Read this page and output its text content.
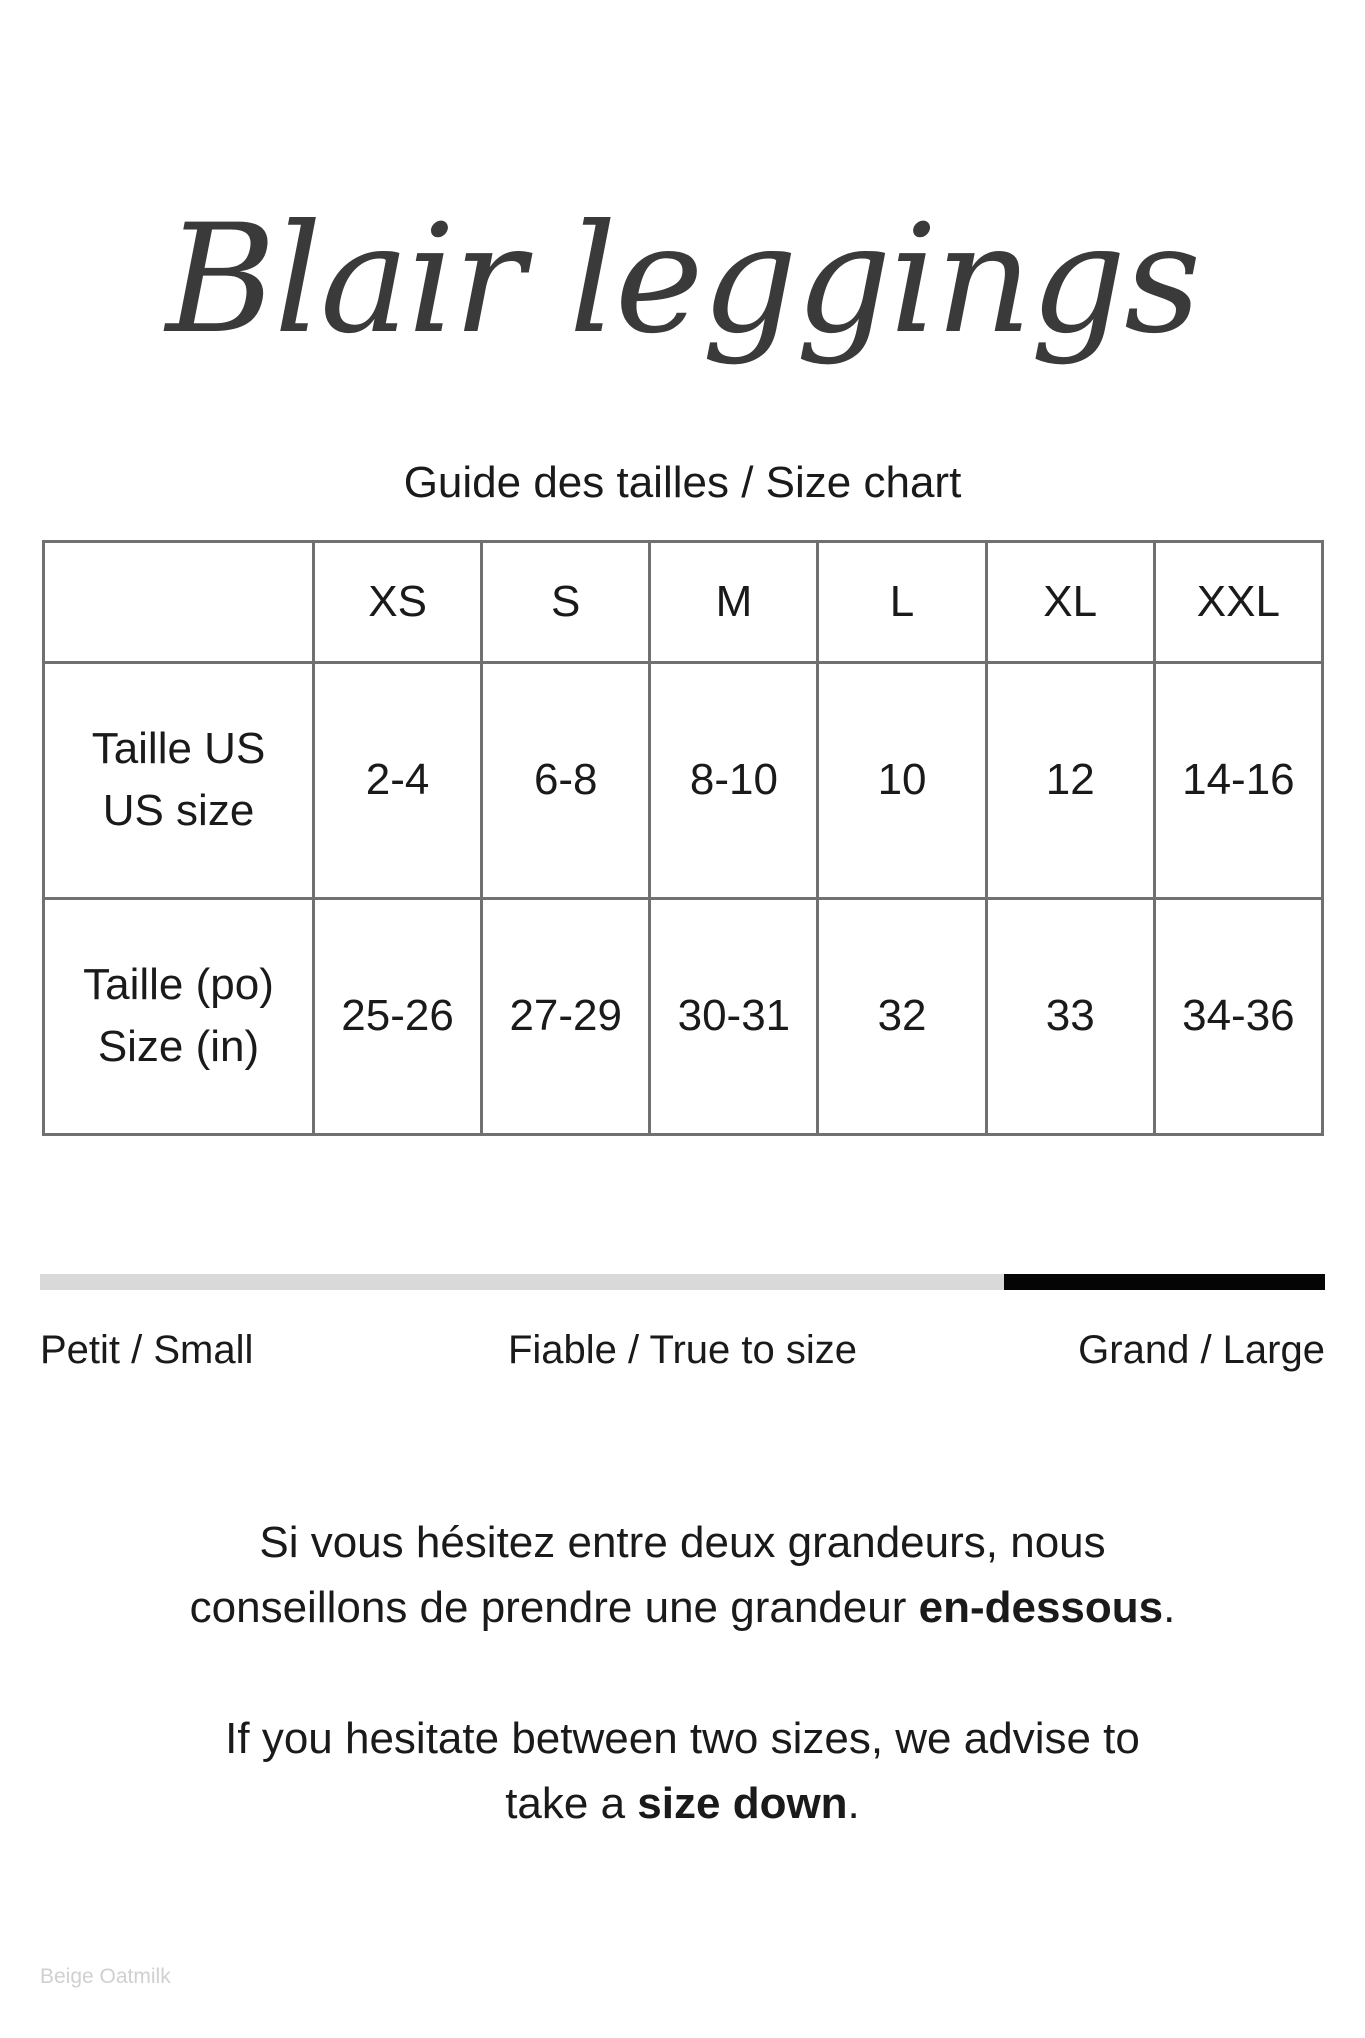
Blair leggings
Guide des tailles / Size chart
	XS	S	M	L	XL	XXL

Taille US
US size	2-4	6-8	8-10	10	12	14-16

Taille (po)
Size (in)	25-26	27-29	30-31	32	33	34-36
Petit / Small	Fiable / True to size	Grand / Large
Si vous hésitez entre deux grandeurs, nous
conseillons de prendre une grandeur en-dessous.
If you hesitate between two sizes, we advise to
take a size down.
Beige Oatmilk
